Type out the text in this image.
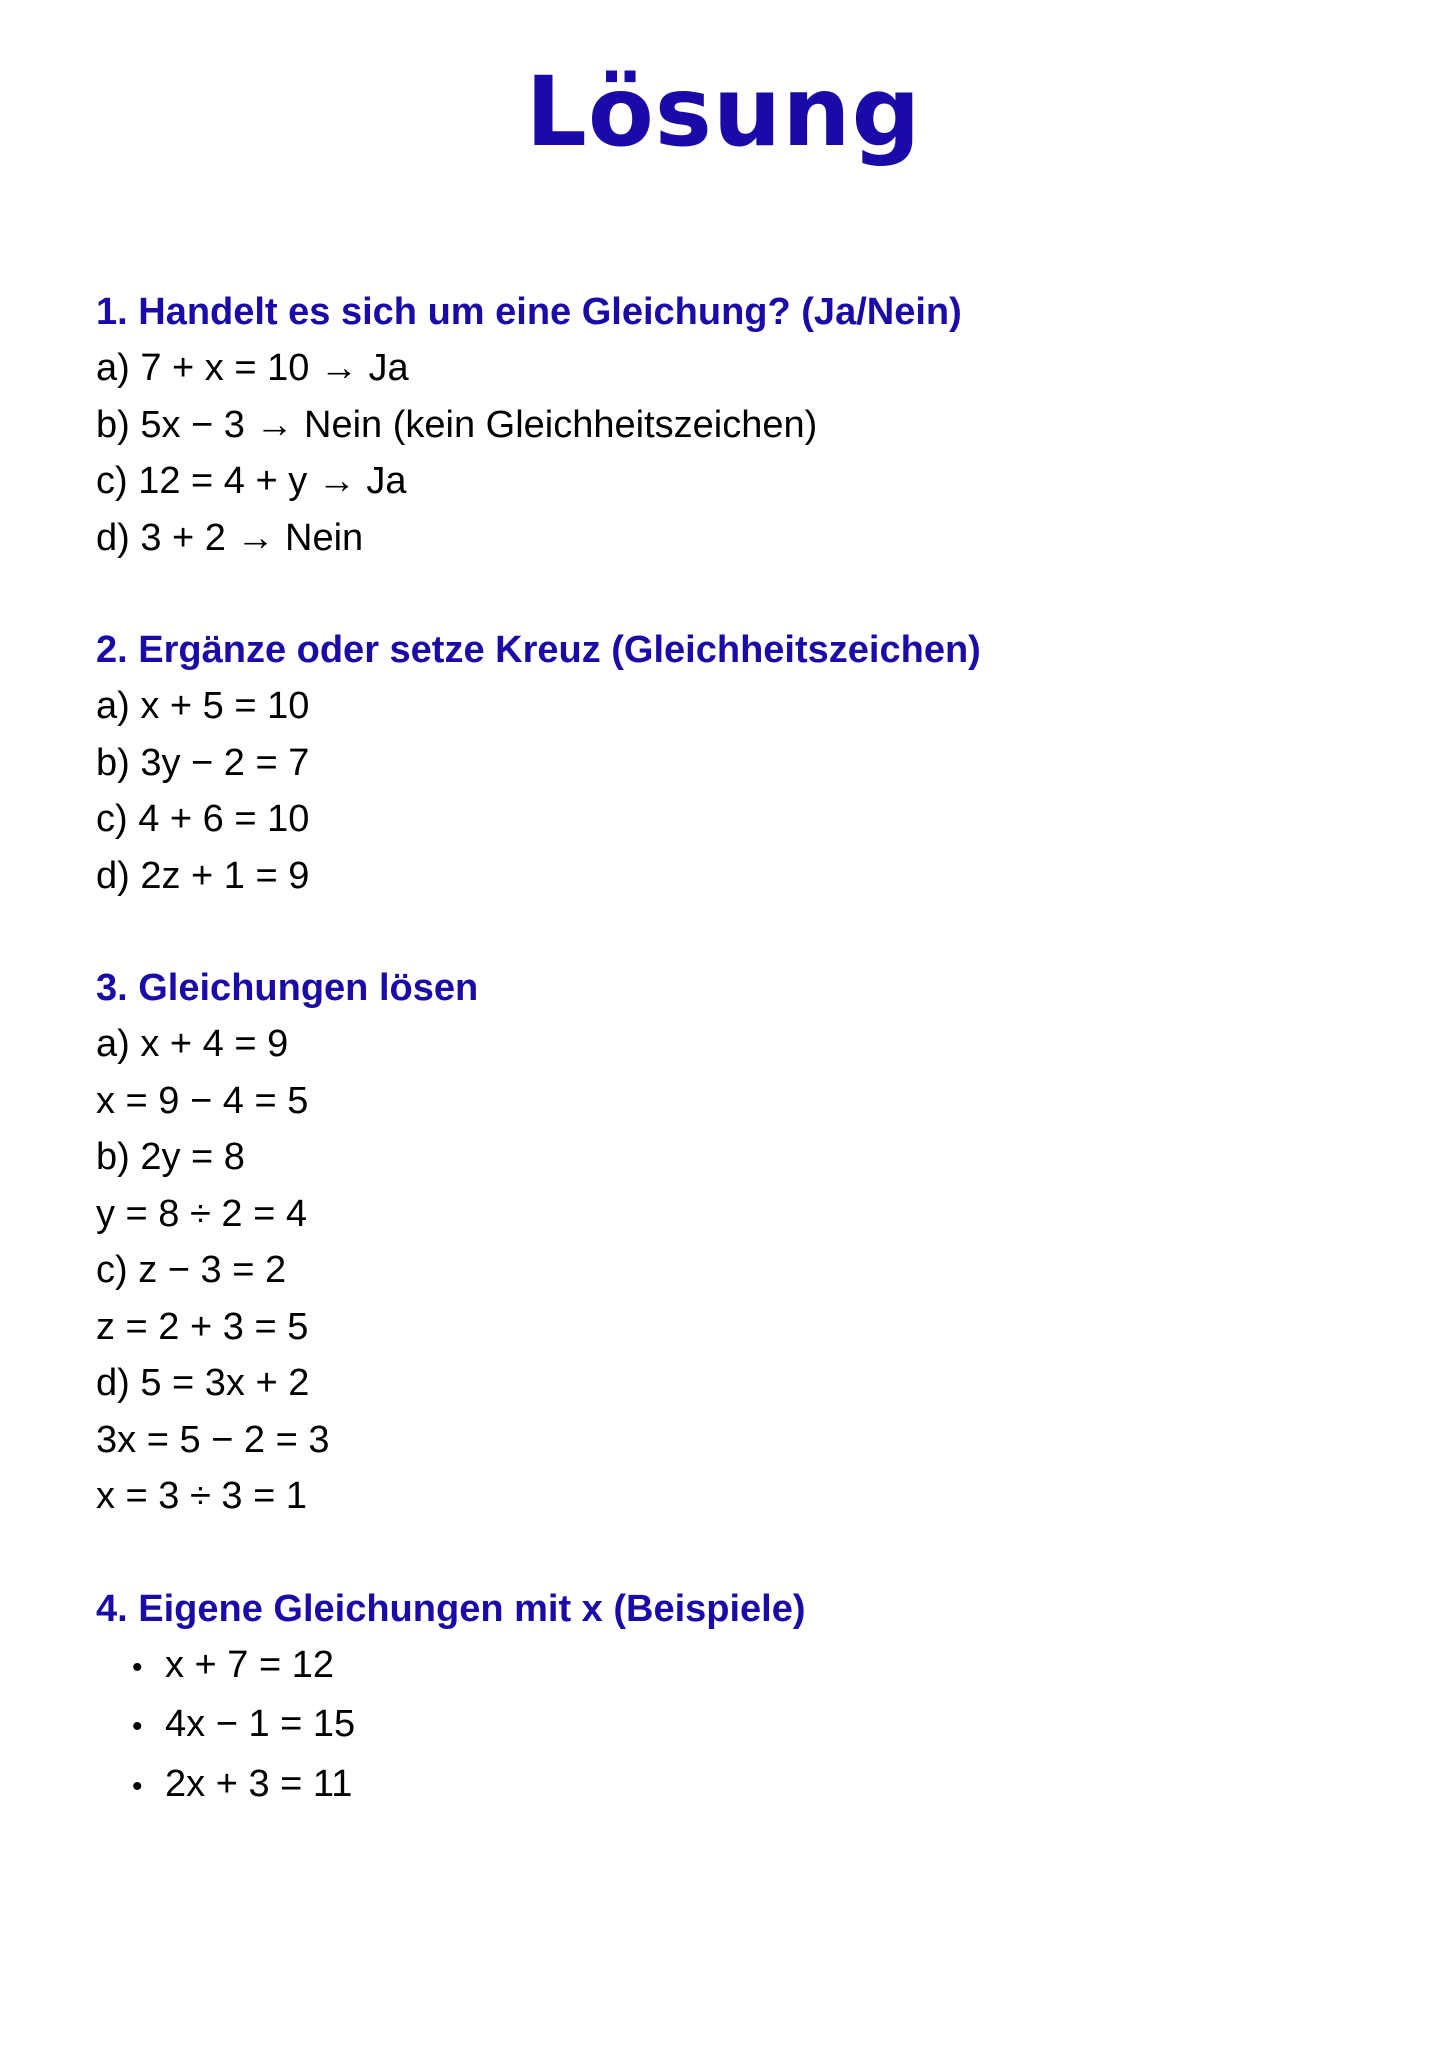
Lösung
1. Handelt es sich um eine Gleichung? (Ja/Nein)
a) 7 + x = 10 → Ja
b) 5x − 3 → Nein (kein Gleichheitszeichen)
c) 12 = 4 + y → Ja
d) 3 + 2 → Nein
2. Ergänze oder setze Kreuz (Gleichheitszeichen)
a) x + 5 = 10
b) 3y − 2 = 7
c) 4 + 6 = 10
d) 2z + 1 = 9
3. Gleichungen lösen
a) x + 4 = 9
x = 9 − 4 = 5
b) 2y = 8
y = 8 ÷ 2 = 4
c) z − 3 = 2
z = 2 + 3 = 5
d) 5 = 3x + 2
3x = 5 − 2 = 3
x = 3 ÷ 3 = 1
4. Eigene Gleichungen mit x (Beispiele)
• x + 7 = 12
• 4x − 1 = 15
• 2x + 3 = 11
